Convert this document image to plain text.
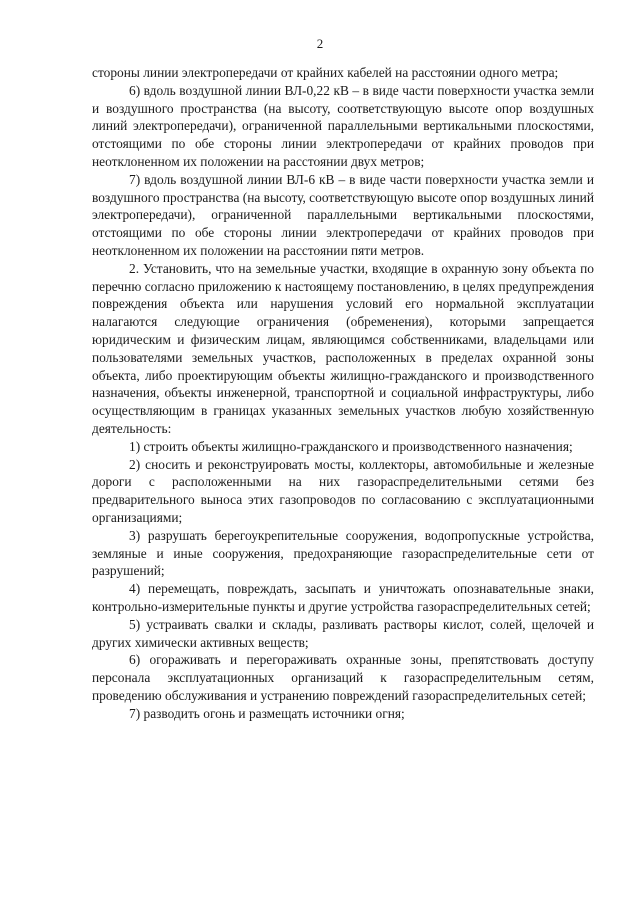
2

стороны линии электропередачи от крайних кабелей на расстоянии одного метра;

6) вдоль воздушной линии ВЛ-0,22 кВ – в виде части поверхности участка земли и воздушного пространства (на высоту, соответствующую высоте опор воздушных линий электропередачи), ограниченной параллельными вертикальными плоскостями, отстоящими по обе стороны линии электропередачи от крайних проводов при неотклоненном их положении на расстоянии двух метров;

7) вдоль воздушной линии ВЛ-6 кВ – в виде части поверхности участка земли и воздушного пространства (на высоту, соответствующую высоте опор воздушных линий электропередачи), ограниченной параллельными вертикальными плоскостями, отстоящими по обе стороны линии электропередачи от крайних проводов при неотклоненном их положении на расстоянии пяти метров.

2. Установить, что на земельные участки, входящие в охранную зону объекта по перечню согласно приложению к настоящему постановлению, в целях предупреждения повреждения объекта или нарушения условий его нормальной эксплуатации налагаются следующие ограничения (обременения), которыми запрещается юридическим и физическим лицам, являющимся собственниками, владельцами или пользователями земельных участков, расположенных в пределах охранной зоны объекта, либо проектирующим объекты жилищно-гражданского и производственного назначения, объекты инженерной, транспортной и социальной инфраструктуры, либо осуществляющим в границах указанных земельных участков любую хозяйственную деятельность:

1) строить объекты жилищно-гражданского и производственного назначения;

2) сносить и реконструировать мосты, коллекторы, автомобильные и железные дороги с расположенными на них газораспределительными сетями без предварительного выноса этих газопроводов по согласованию с эксплуатационными организациями;

3) разрушать берегоукрепительные сооружения, водопропускные устройства, земляные и иные сооружения, предохраняющие газораспределительные сети от разрушений;

4) перемещать, повреждать, засыпать и уничтожать опознавательные знаки, контрольно-измерительные пункты и другие устройства газораспределительных сетей;

5) устраивать свалки и склады, разливать растворы кислот, солей, щелочей и других химически активных веществ;

6) огораживать и перегораживать охранные зоны, препятствовать доступу персонала эксплуатационных организаций к газораспределительным сетям, проведению обслуживания и устранению повреждений газораспределительных сетей;

7) разводить огонь и размещать источники огня;
